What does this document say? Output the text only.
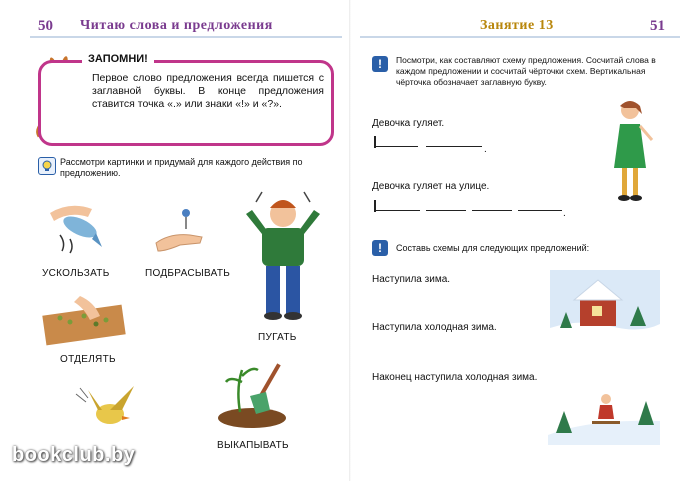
50 Читаю слова и предложения
ЗАПОМНИ!
Первое слово предложения всегда пишется с заглавной буквы. В конце предложения ставится точка «.» или знаки «!» и «?».
Рассмотри картинки и придумай для каждого действия по предложению.
УСКОЛЬЗАТЬ	ПОДБРАСЫВАТЬ
ПУГАТЬ
ОТДЕЛЯТЬ
ВЫКАПЫВАТЬ
Занятие 13	51
!	Посмотри, как составляют схему предложения. Сосчитай слова в каждом предложении и сосчитай чёрточки схем. Вертикальная чёрточка обозначает заглавную букву.
Девочка гуляет.
.
Девочка гуляет на улице.
.
!	Составь схемы для следующих предложений:
Наступила зима.
Наступила холодная зима.
Наконец наступила холодная зима.
bookclub.by
